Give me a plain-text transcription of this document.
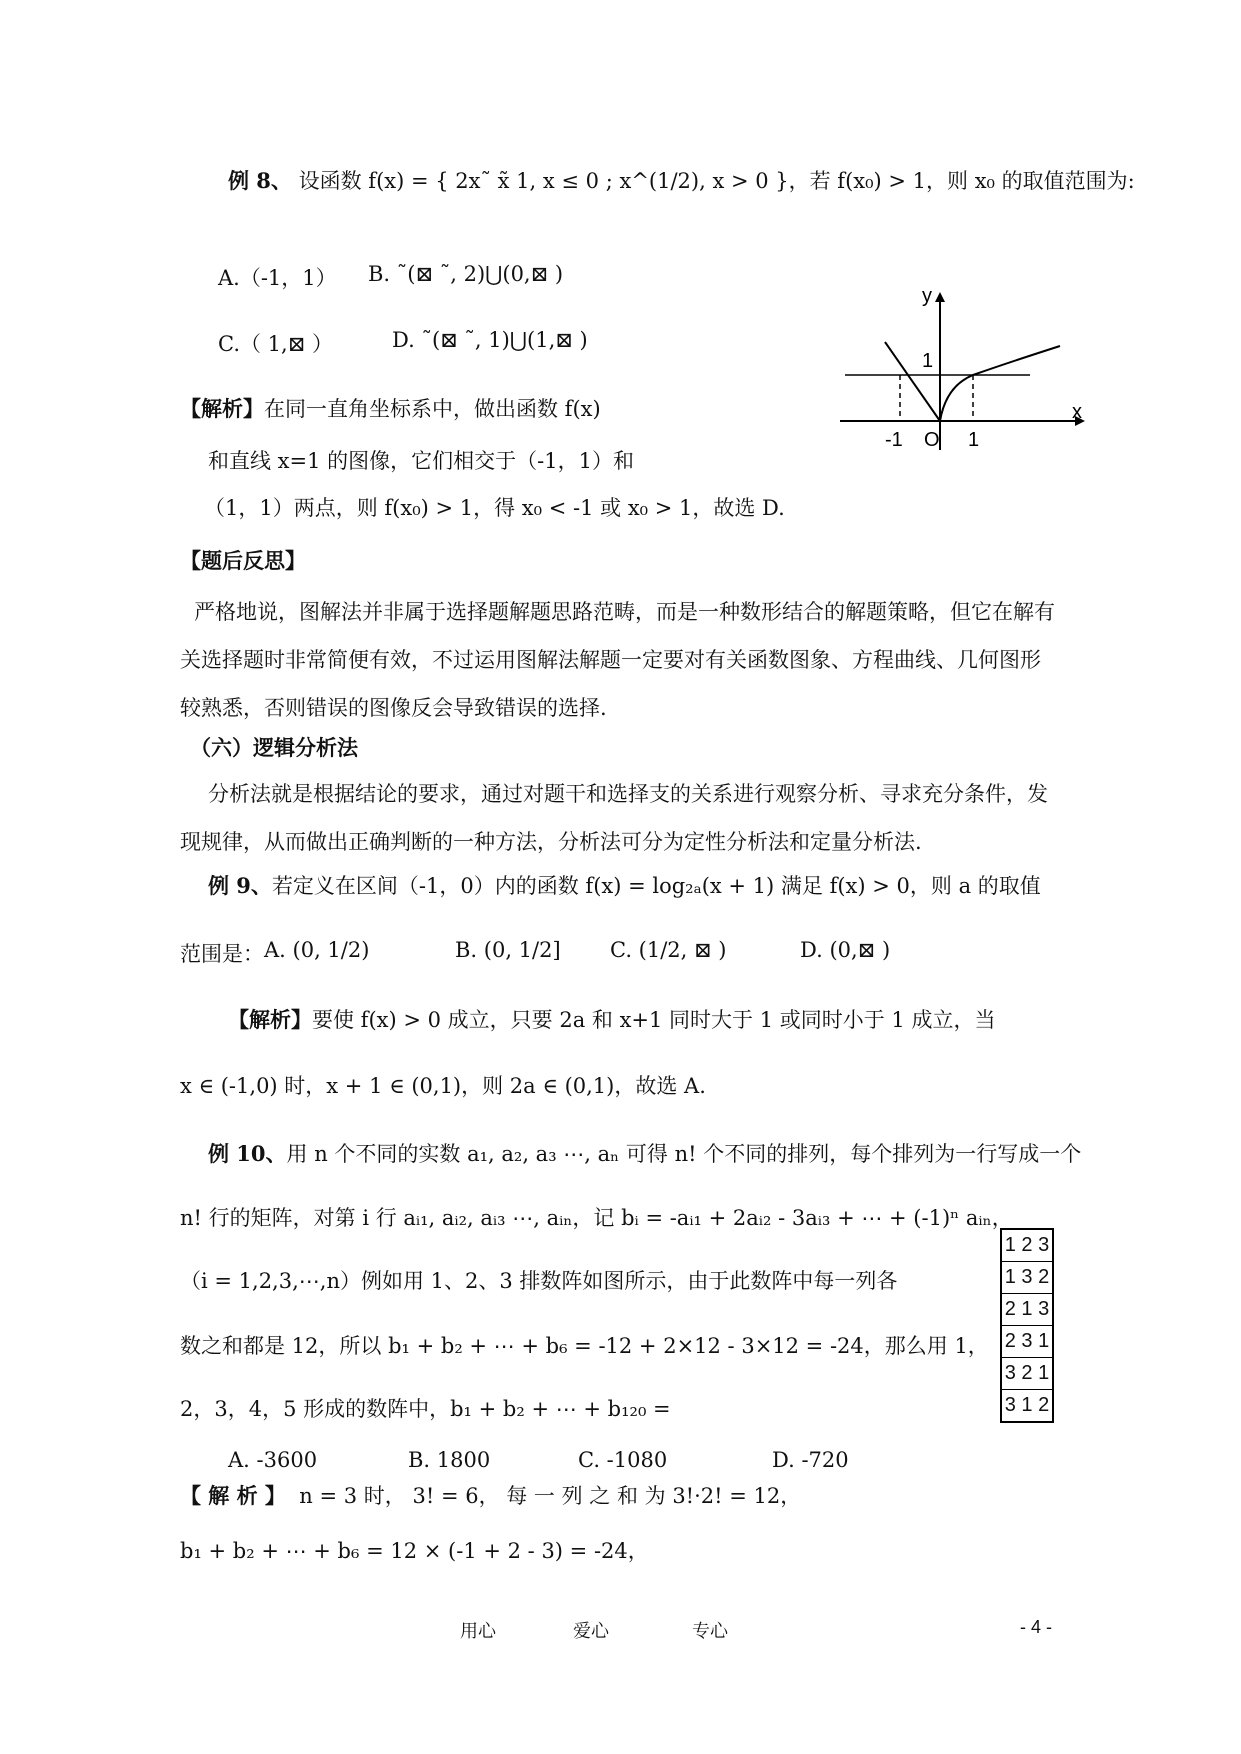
例 8、 设函数 f(x) = { 2x˜ x̃ 1, x ≤ 0 ; x^(1/2), x > 0 }，若 f(x₀) > 1，则 x₀ 的取值范围为:
A.（-1，1） B. ˜(⊠ ˜, 2)⋃(0,⊠ )
C.（ 1,⊠ ）	D. ˜(⊠ ˜, 1)⋃(1,⊠ )
【解析】在同一直角坐标系中，做出函数 f(x)
和直线 x=1 的图像，它们相交于（-1，1）和
（1，1）两点，则 f(x₀) > 1，得 x₀ < -1 或 x₀ > 1，故选 D.
y
x
1
-1 O 1
【题后反思】
严格地说，图解法并非属于选择题解题思路范畴，而是一种数形结合的解题策略，但它在解有关选择题时非常简便有效，不过运用图解法解题一定要对有关函数图象、方程曲线、几何图形较熟悉，否则错误的图像反会导致错误的选择.
（六）逻辑分析法
分析法就是根据结论的要求，通过对题干和选择支的关系进行观察分析、寻求充分条件，发现规律，从而做出正确判断的一种方法，分析法可分为定性分析法和定量分析法.
例 9、若定义在区间（-1，0）内的函数 f(x) = log₂ₐ(x + 1) 满足 f(x) > 0，则 a 的取值
范围是： A. (0, 1/2)	B. (0, 1/2] C. (1/2, ⊠ )	D. (0,⊠ )
【解析】要使 f(x) > 0 成立，只要 2a 和 x+1 同时大于 1 或同时小于 1 成立，当
x ∈ (-1,0) 时，x + 1 ∈ (0,1)，则 2a ∈ (0,1)，故选 A.
例 10、用 n 个不同的实数 a₁, a₂, a₃ ⋯, aₙ 可得 n! 个不同的排列，每个排列为一行写成一个
n! 行的矩阵，对第 i 行 aᵢ₁, aᵢ₂, aᵢ₃ ⋯, aᵢₙ，记 bᵢ = -aᵢ₁ + 2aᵢ₂ - 3aᵢ₃ + ⋯ + (-1)ⁿ aᵢₙ，
（i = 1,2,3,⋯,n）例如用 1、2、3 排数阵如图所示，由于此数阵中每一列各
数之和都是 12，所以 b₁ + b₂ + ⋯ + b₆ = -12 + 2×12 - 3×12 = -24，那么用 1，
2，3，4，5 形成的数阵中，b₁ + b₂ + ⋯ + b₁₂₀ =
1 2 3
1 3 2
2 1 3
2 3 1
3 2 1
3 1 2
A. -3600	B. 1800	C. -1080	D. -720
【 解 析 】 n = 3 时， 3! = 6， 每 一 列 之 和 为 3!·2! = 12，
b₁ + b₂ + ⋯ + b₆ = 12 × (-1 + 2 - 3) = -24，
用心	爱心	专心	- 4 -
